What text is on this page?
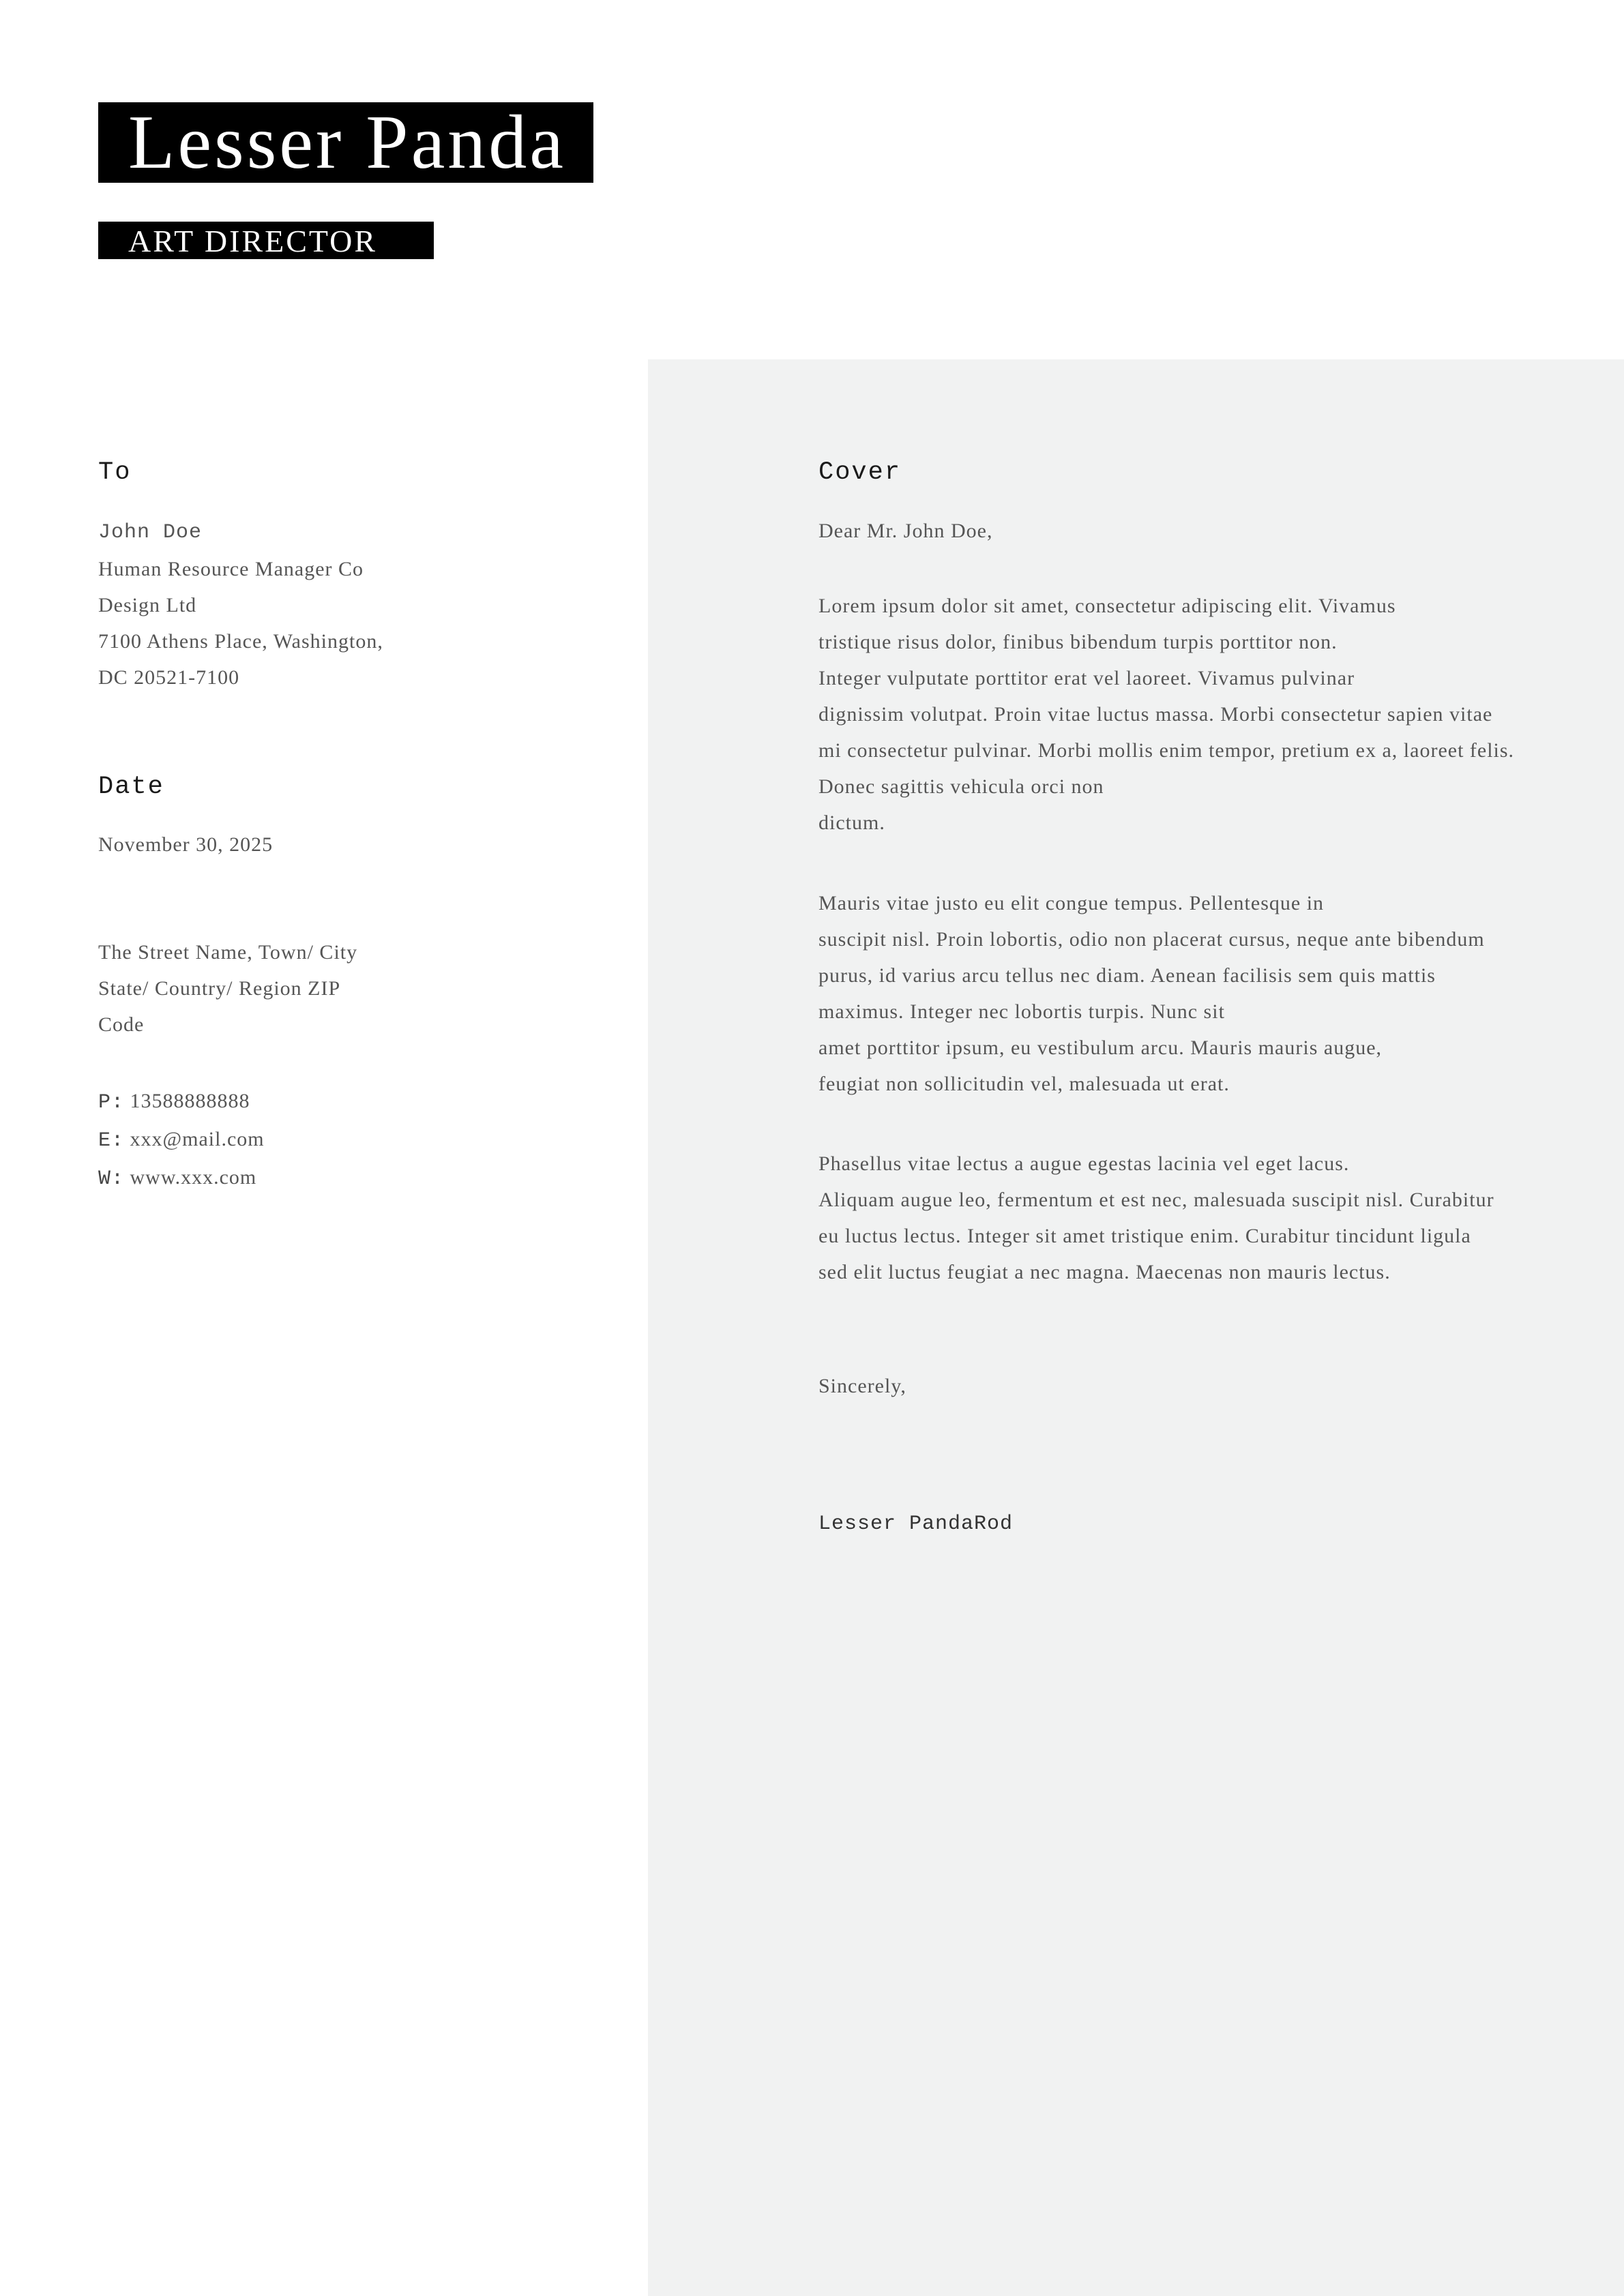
Lesser Panda
ART DIRECTOR
To
John Doe
Human Resource Manager Co
Design Ltd
7100 Athens Place, Washington,
DC 20521-7100
Date
November 30, 2025
The Street Name, Town/ City
State/ Country/ Region ZIP
Code
P: 13588888888
E: xxx@mail.com
W: www.xxx.com
Cover
Dear Mr. John Doe,
Lorem ipsum dolor sit amet, consectetur adipiscing elit. Vivamus
tristique risus dolor, finibus bibendum turpis porttitor non.
Integer vulputate porttitor erat vel laoreet. Vivamus pulvinar
dignissim volutpat. Proin vitae luctus massa. Morbi consectetur sapien vitae
mi consectetur pulvinar. Morbi mollis enim tempor, pretium ex a, laoreet felis.
Donec sagittis vehicula orci non
dictum.
Mauris vitae justo eu elit congue tempus. Pellentesque in
suscipit nisl. Proin lobortis, odio non placerat cursus, neque ante bibendum
purus, id varius arcu tellus nec diam. Aenean facilisis sem quis mattis
maximus. Integer nec lobortis turpis. Nunc sit
amet porttitor ipsum, eu vestibulum arcu. Mauris mauris augue,
feugiat non sollicitudin vel, malesuada ut erat.
Phasellus vitae lectus a augue egestas lacinia vel eget lacus.
Aliquam augue leo, fermentum et est nec, malesuada suscipit nisl. Curabitur
eu luctus lectus. Integer sit amet tristique enim. Curabitur tincidunt ligula
sed elit luctus feugiat a nec magna. Maecenas non mauris lectus.
Sincerely,
Lesser PandaRod
